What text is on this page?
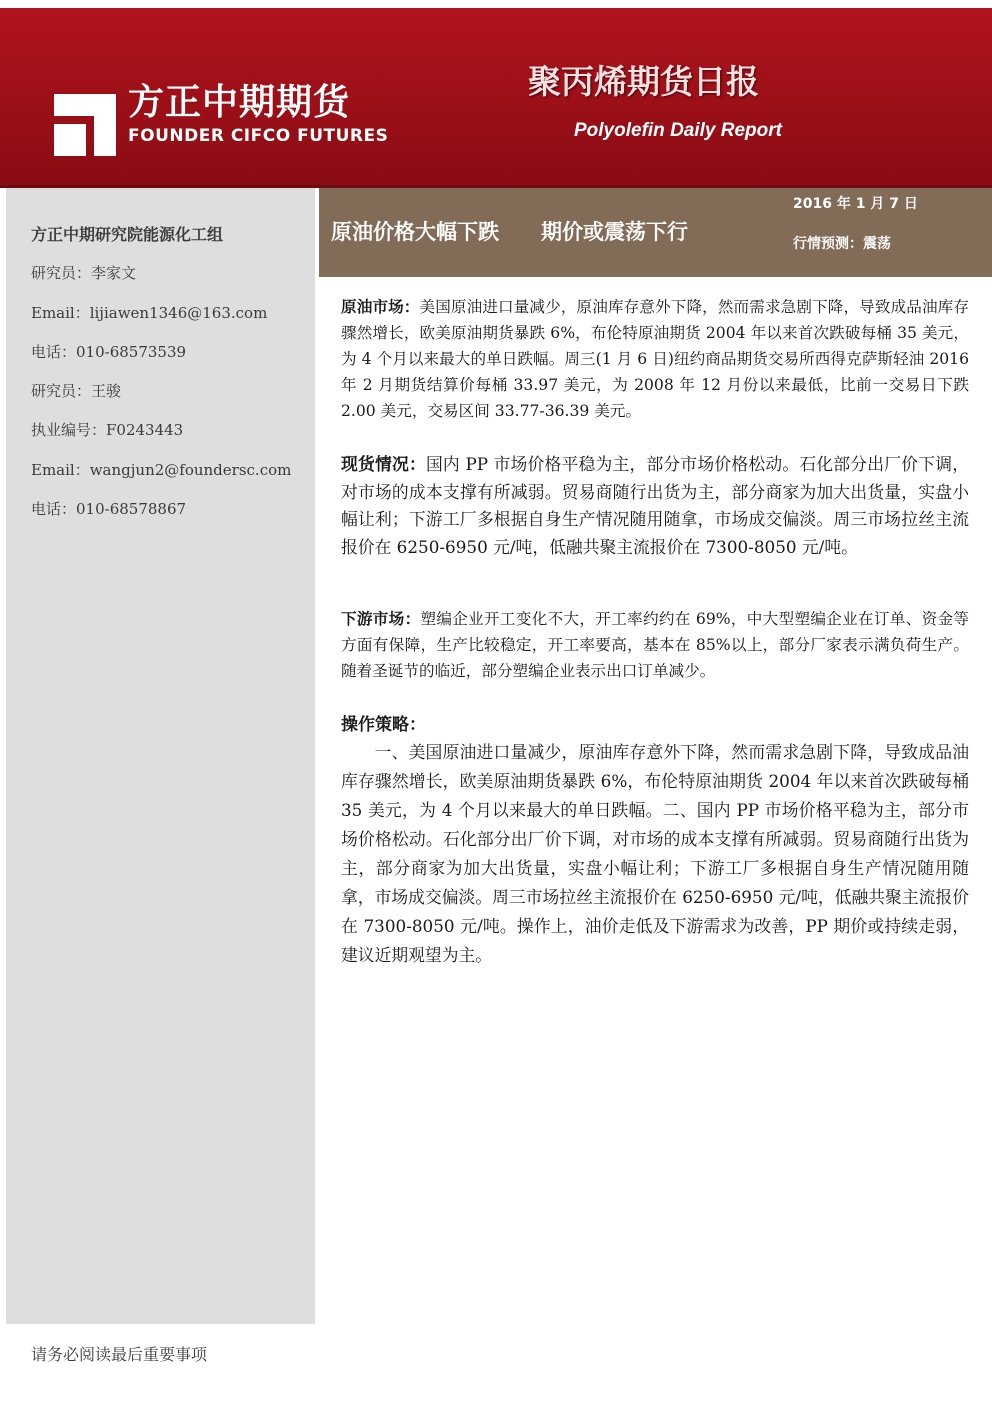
方正中期期货
FOUNDER CIFCO FUTURES
聚丙烯期货日报
Polyolefin Daily Report
方正中期研究院能源化工组
研究员：李家文
Email：lijiawen1346@163.com
电话：010-68573539
研究员：王骏
执业编号：F0243443
Email：wangjun2@foundersc.com
电话：010-68578867
原油价格大幅下跌　　期价或震荡下行
2016 年 1 月 7 日
行情预测：震荡

原油市场：美国原油进口量减少，原油库存意外下降，然而需求急剧下降，导致成品油库存骤然增长，欧美原油期货暴跌 6%，布伦特原油期货 2004 年以来首次跌破每桶 35 美元，为 4 个月以来最大的单日跌幅。周三(1 月 6 日)纽约商品期货交易所西得克萨斯轻油 2016 年 2 月期货结算价每桶 33.97 美元，为 2008 年 12 月份以来最低，比前一交易日下跌 2.00 美元，交易区间 33.77-36.39 美元。

现货情况：国内 PP 市场价格平稳为主，部分市场价格松动。石化部分出厂价下调，对市场的成本支撑有所减弱。贸易商随行出货为主，部分商家为加大出货量，实盘小幅让利；下游工厂多根据自身生产情况随用随拿，市场成交偏淡。周三市场拉丝主流报价在 6250-6950 元/吨，低融共聚主流报价在 7300-8050 元/吨。

下游市场：塑编企业开工变化不大，开工率约约在 69%，中大型塑编企业在订单、资金等方面有保障，生产比较稳定，开工率要高，基本在 85%以上，部分厂家表示满负荷生产。随着圣诞节的临近，部分塑编企业表示出口订单减少。

操作策略：

一、美国原油进口量减少，原油库存意外下降，然而需求急剧下降，导致成品油库存骤然增长，欧美原油期货暴跌 6%，布伦特原油期货 2004 年以来首次跌破每桶 35 美元，为 4 个月以来最大的单日跌幅。二、国内 PP 市场价格平稳为主，部分市场价格松动。石化部分出厂价下调，对市场的成本支撑有所减弱。贸易商随行出货为主，部分商家为加大出货量，实盘小幅让利；下游工厂多根据自身生产情况随用随拿，市场成交偏淡。周三市场拉丝主流报价在 6250-6950 元/吨，低融共聚主流报价在 7300-8050 元/吨。操作上，油价走低及下游需求为改善，PP 期价或持续走弱，建议近期观望为主。

请务必阅读最后重要事项
